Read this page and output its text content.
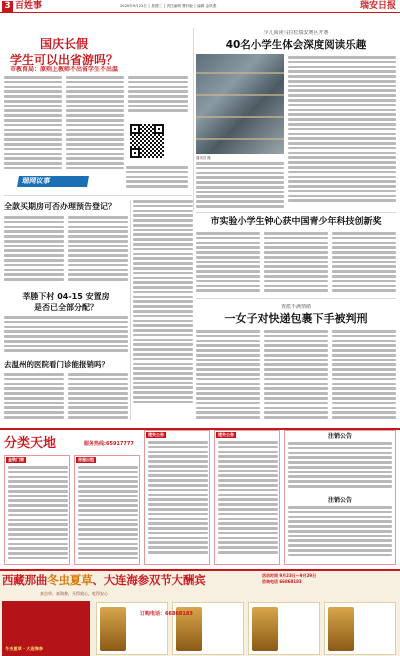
3 百姓事	2020年9月23日 │ 星期三 │ 责任编辑 曹轩毅 │ 编辑 金铁燕	瑞安日报
国庆长假
学生可以出省游吗？
市教育局：原则上教师不出省学生不出温
少儿阅读马拉松瑞安赛区开赛
40名小学生体会深度阅读乐趣
通讯员 摄
瑞网议事
全款买期房可否办理预告登记？
莘塍下村 04-15 安置房
是否已全部分配？
去温州的医院看门诊能报销吗？
市实验小学生钟心获中国青少年科技创新奖
查派不满情绪
一女子对快递包裹下手被判刑
分类天地	服务热线:65917777
金铁门窗	房屋出租
遗失公告	遗失公告	注销公告
注销公告
西藏那曲冬虫夏草、大连海参双节大酬宾	活动时间 9月23日—9月29日
咨询电话 66868183
真虫草，真海参，买得放心，吃得安心
冬虫夏草 · 大连海参
订购电话：66868183
